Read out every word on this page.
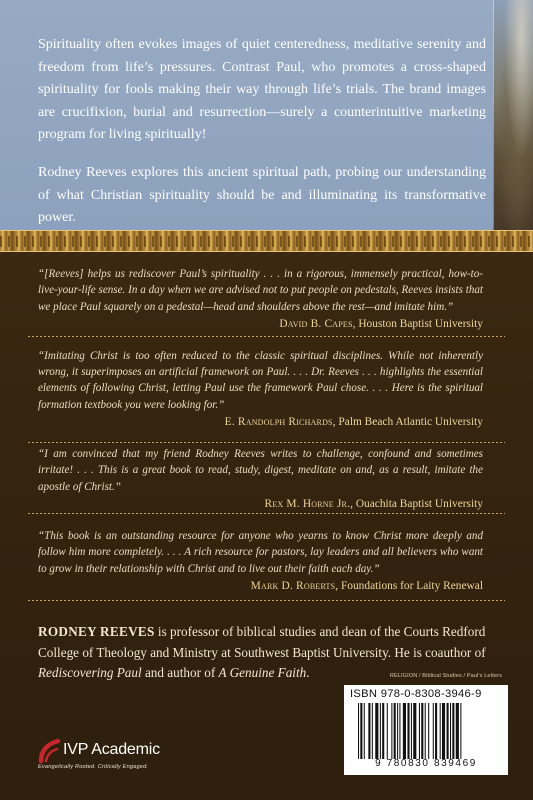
Spirituality often evokes images of quiet centeredness, meditative serenity and freedom from life’s pressures. Contrast Paul, who promotes a cross-shaped spirituality for fools making their way through life’s trials. The brand images are crucifixion, burial and resurrection—surely a counterintuitive marketing program for living spiritually!

Rodney Reeves explores this ancient spiritual path, probing our understanding of what Christian spirituality should be and illuminating its transformative power.

“[Reeves] helps us rediscover Paul’s spirituality . . . in a rigorous, immensely practical, how-to-live-your-life sense. In a day when we are advised not to put people on pedestals, Reeves insists that we place Paul squarely on a pedestal—head and shoulders above the rest—and imitate him.”

David B. Capes, Houston Baptist University

“Imitating Christ is too often reduced to the classic spiritual disciplines. While not inherently wrong, it superimposes an artificial framework on Paul. . . . Dr. Reeves . . . highlights the essential elements of following Christ, letting Paul use the framework Paul chose. . . . Here is the spiritual formation textbook you were looking for.”

E. Randolph Richards, Palm Beach Atlantic University

“I am convinced that my friend Rodney Reeves writes to challenge, confound and sometimes irritate! . . . This is a great book to read, study, digest, meditate on and, as a result, imitate the apostle of Christ.”

Rex M. Horne Jr., Ouachita Baptist University

“This book is an outstanding resource for anyone who yearns to know Christ more deeply and follow him more completely. . . . A rich resource for pastors, lay leaders and all believers who want to grow in their relationship with Christ and to live out their faith each day.”

Mark D. Roberts, Foundations for Laity Renewal

RODNEY REEVES is professor of biblical studies and dean of the Courts Redford College of Theology and Ministry at Southwest Baptist University. He is coauthor of Rediscovering Paul and author of A Genuine Faith.	RELIGION / Biblical Studies / Paul’s Letters
ISBN 978-0-8308-3946-9
9 780830 839469
IVP Academic
Evangelically Rooted. Critically Engaged.
